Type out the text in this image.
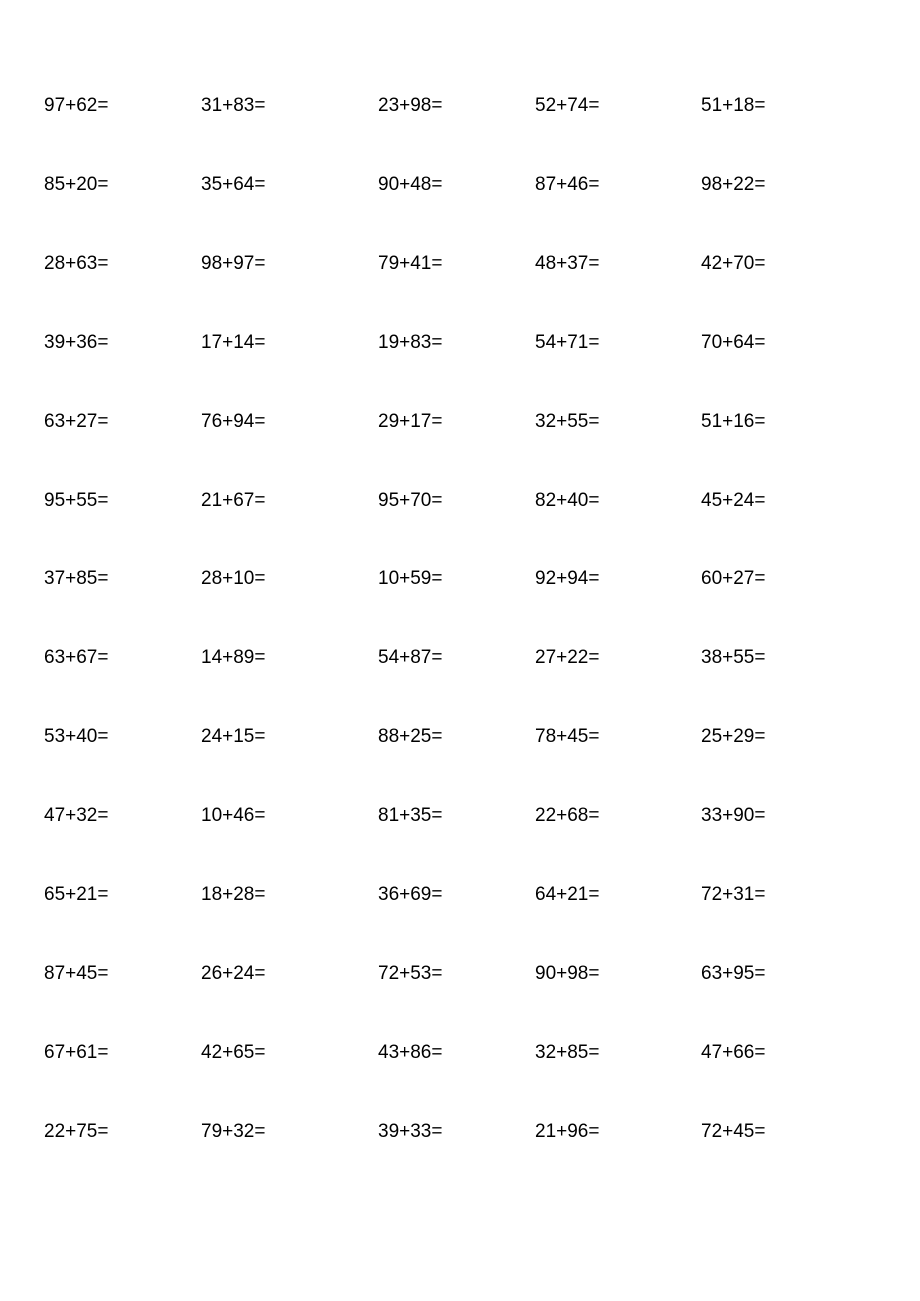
97+62=	31+83=	23+98=	52+74=	51+18=
85+20=	35+64=	90+48=	87+46=	98+22=
28+63=	98+97=	79+41=	48+37=	42+70=
39+36=	17+14=	19+83=	54+71=	70+64=
63+27=	76+94=	29+17=	32+55=	51+16=
95+55=	21+67=	95+70=	82+40=	45+24=
37+85=	28+10=	10+59=	92+94=	60+27=
63+67=	14+89=	54+87=	27+22=	38+55=
53+40=	24+15=	88+25=	78+45=	25+29=
47+32=	10+46=	81+35=	22+68=	33+90=
65+21=	18+28=	36+69=	64+21=	72+31=
87+45=	26+24=	72+53=	90+98=	63+95=
67+61=	42+65=	43+86=	32+85=	47+66=
22+75=	79+32=	39+33=	21+96=	72+45=
